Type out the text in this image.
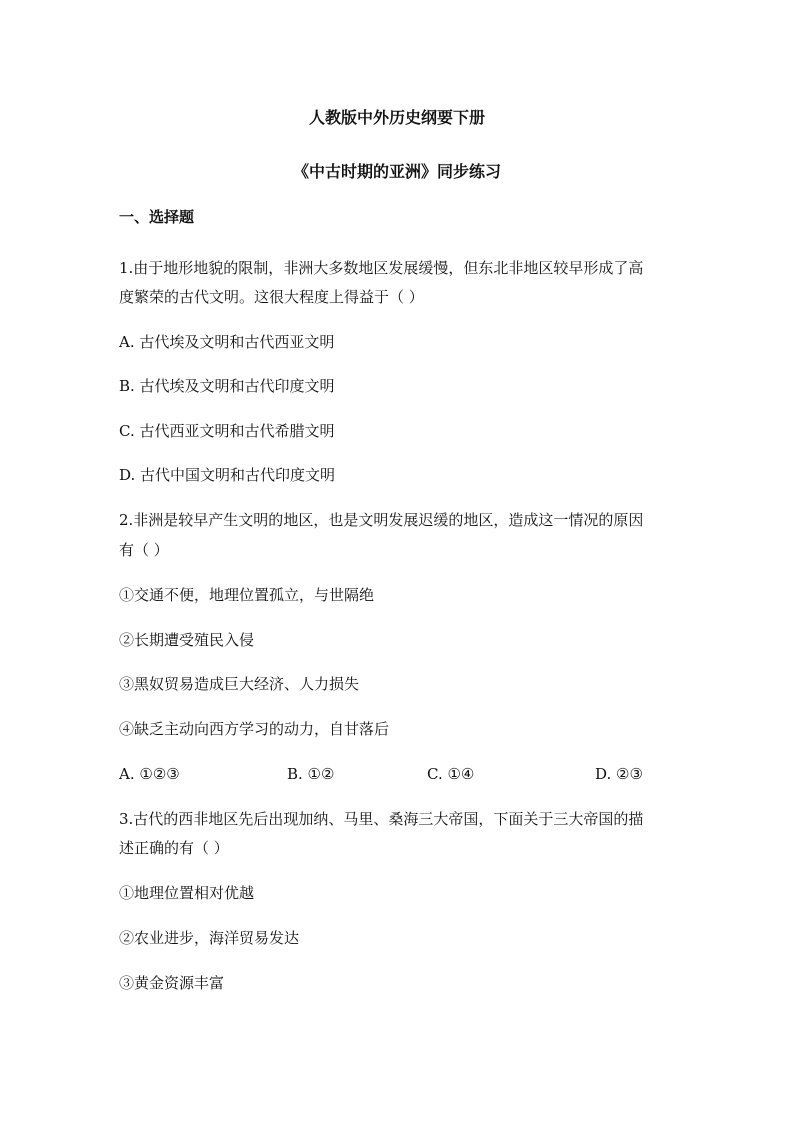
人教版中外历史纲要下册
《中古时期的亚洲》同步练习
一、选择题
1.由于地形地貌的限制，非洲大多数地区发展缓慢，但东北非地区较早形成了高
度繁荣的古代文明。这很大程度上得益于（ ）
A. 古代埃及文明和古代西亚文明
B. 古代埃及文明和古代印度文明
C. 古代西亚文明和古代希腊文明
D. 古代中国文明和古代印度文明
2.非洲是较早产生文明的地区，也是文明发展迟缓的地区，造成这一情况的原因
有（ ）
①交通不便，地理位置孤立，与世隔绝
②长期遭受殖民入侵
③黑奴贸易造成巨大经济、人力损失
④缺乏主动向西方学习的动力，自甘落后
A. ①②③	B. ①②	C. ①④	D. ②③
3.古代的西非地区先后出现加纳、马里、桑海三大帝国，下面关于三大帝国的描
述正确的有（ ）
①地理位置相对优越
②农业进步，海洋贸易发达
③黄金资源丰富
